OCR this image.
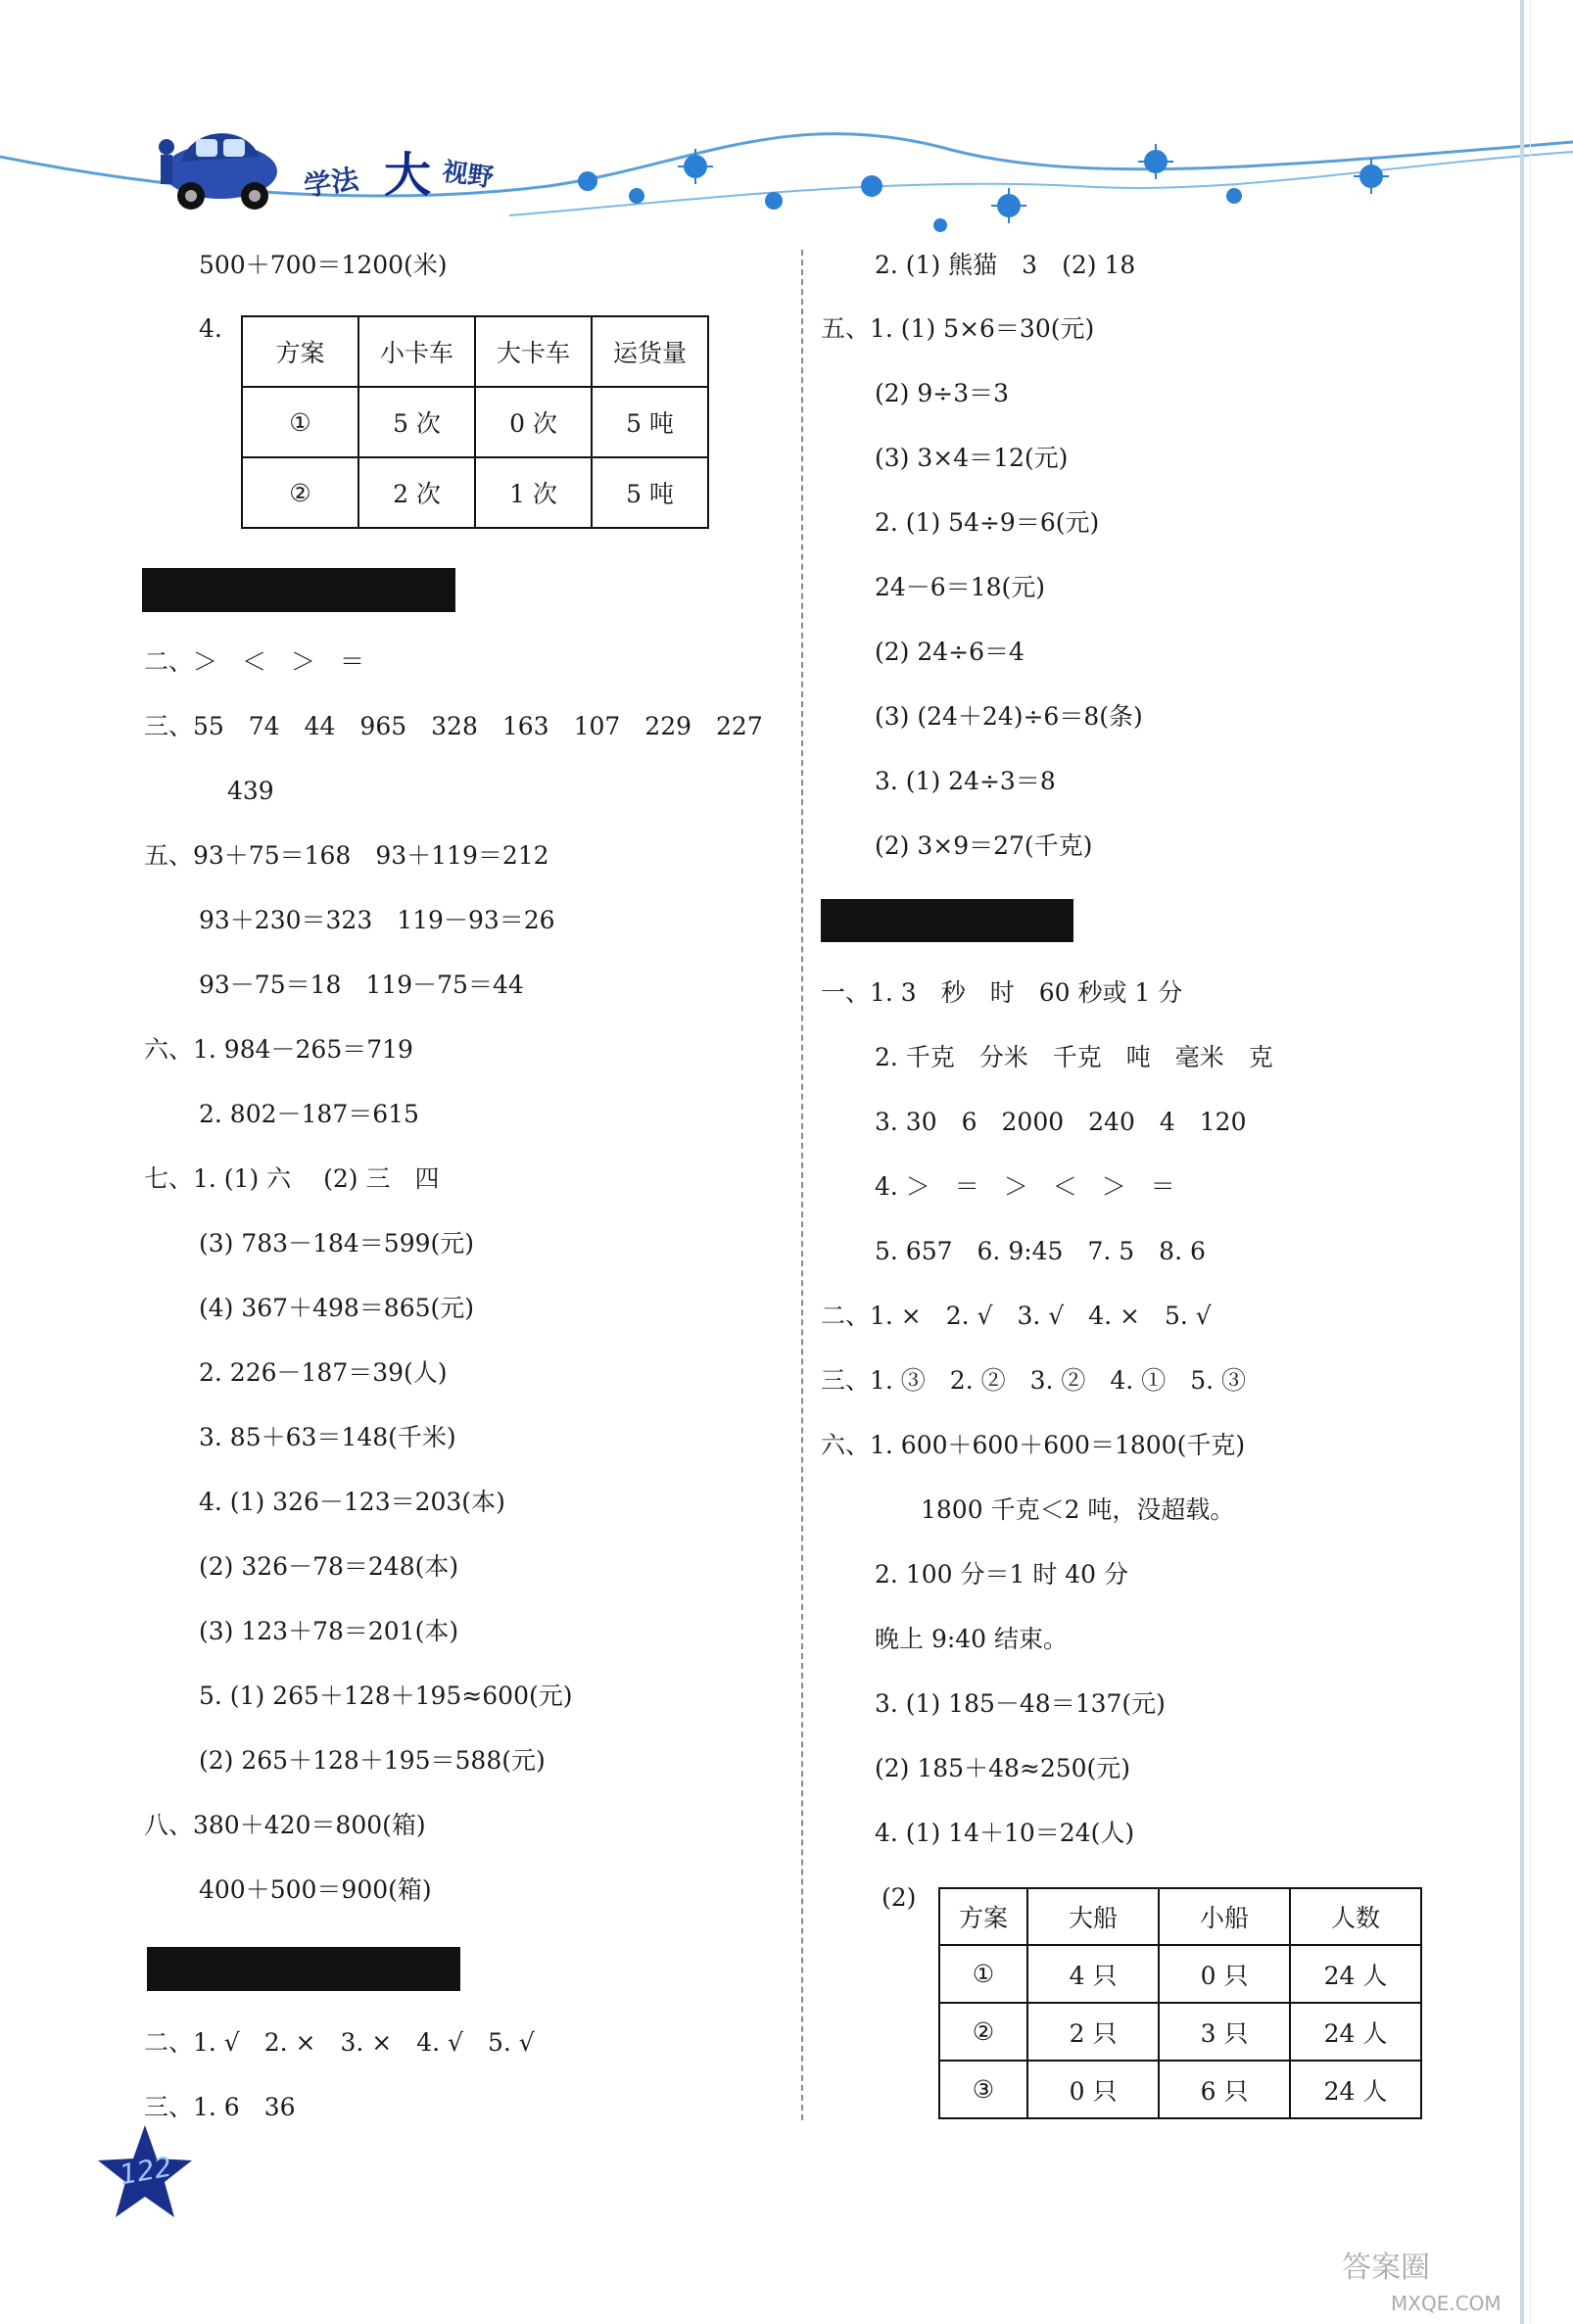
学法 大 视野
500＋700＝1200(米)
4.
方案	小卡车	大卡车	运货量
①	5 次	0 次	5 吨
②	2 次	1 次	5 吨
二、＞　＜　＞　＝
三、55　74　44　965　328　163　107　229　227
439
五、93＋75＝168　93＋119＝212
93＋230＝323　119－93＝26
93－75＝18　119－75＝44
六、1. 984－265＝719
2. 802－187＝615
七、1. (1) 六　 (2) 三　四
(3) 783－184＝599(元)
(4) 367＋498＝865(元)
2. 226－187＝39(人)
3. 85＋63＝148(千米)
4. (1) 326－123＝203(本)
(2) 326－78＝248(本)
(3) 123＋78＝201(本)
5. (1) 265＋128＋195≈600(元)
(2) 265＋128＋195＝588(元)
八、380＋420＝800(箱)
400＋500＝900(箱)
二、1. √　2. ×　3. ×　4. √　5. √
三、1. 6　36
2. (1) 熊猫　3　(2) 18
五、1. (1) 5×6＝30(元)
(2) 9÷3＝3
(3) 3×4＝12(元)
2. (1) 54÷9＝6(元)
24－6＝18(元)
(2) 24÷6＝4
(3) (24＋24)÷6＝8(条)
3. (1) 24÷3＝8
(2) 3×9＝27(千克)
一、1. 3　秒　时　60 秒或 1 分
2. 千克　分米　千克　吨　毫米　克
3. 30　6　2000　240　4　120
4. ＞　＝　＞　＜　＞　＝
5. 657　6. 9:45　7. 5　8. 6
二、1. ×　2. √　3. √　4. ×　5. √
三、1. ③　2. ②　3. ②　4. ①　5. ③
六、1. 600＋600＋600＝1800(千克)
1800 千克＜2 吨，没超载。
2. 100 分＝1 时 40 分
晚上 9:40 结束。
3. (1) 185－48＝137(元)
(2) 185＋48≈250(元)
4. (1) 14＋10＝24(人)
(2)
方案	大船	小船	人数
①	4 只	0 只	24 人
②	2 只	3 只	24 人
③	0 只	6 只	24 人
122
答案圈
MXQE.COM
